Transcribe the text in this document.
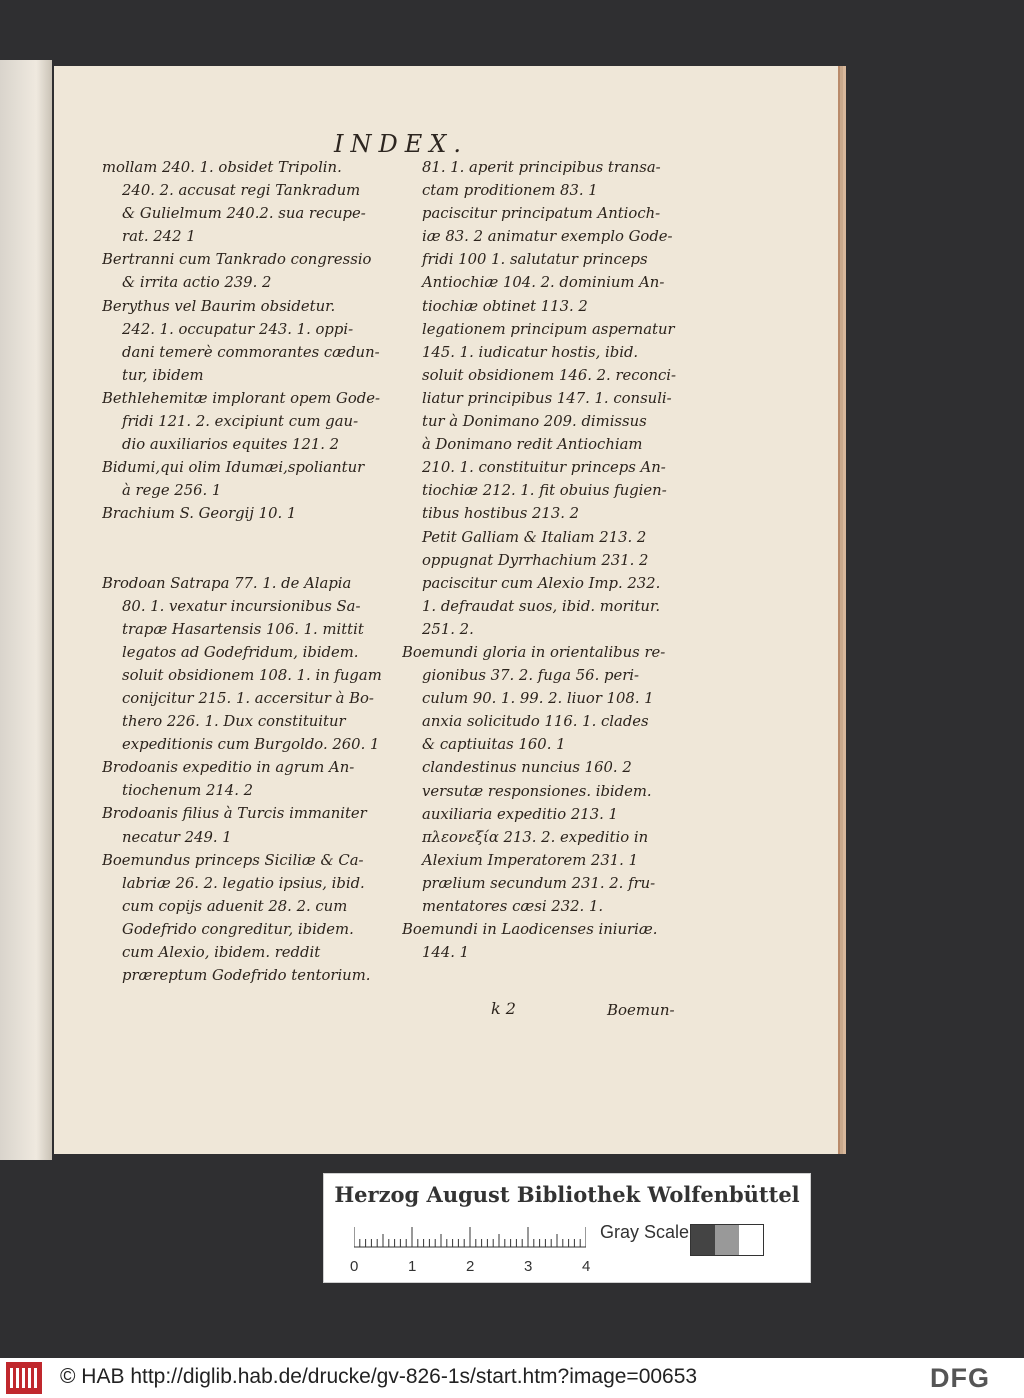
INDEX.
mollam 240. 1. obsidet Tripolin.
240. 2. accusat regi Tankradum
& Gulielmum 240.2. sua recupe-
rat. 242 1
Bertranni cum Tankrado congressio
& irrita actio 239. 2
Berythus vel Baurim obsidetur.
242. 1. occupatur 243. 1. oppi-
dani temerè commorantes cædun-
tur, ibidem
Bethlehemitæ implorant opem Gode-
fridi 121. 2. excipiunt cum gau-
dio auxiliarios equites 121. 2
Bidumi,qui olim Idumæi,spoliantur
à rege 256. 1
Brachium S. Georgij 10. 1
Brodoan Satrapa 77. 1. de Alapia
80. 1. vexatur incursionibus Sa-
trapæ Hasartensis 106. 1. mittit
legatos ad Godefridum, ibidem.
soluit obsidionem 108. 1. in fugam
conijcitur 215. 1. accersitur à Bo-
thero 226. 1. Dux constituitur
expeditionis cum Burgoldo. 260. 1
Brodoanis expeditio in agrum An-
tiochenum 214. 2
Brodoanis filius à Turcis immaniter
necatur 249. 1
Boemundus princeps Siciliæ & Ca-
labriæ 26. 2. legatio ipsius, ibid.
cum copijs aduenit 28. 2. cum
Godefrido congreditur, ibidem.
cum Alexio, ibidem. reddit
præreptum Godefrido tentorium.
81. 1. aperit principibus transa-
ctam proditionem 83. 1
paciscitur principatum Antioch-
iæ 83. 2 animatur exemplo Gode-
fridi 100 1. salutatur princeps
Antiochiæ 104. 2. dominium An-
tiochiæ obtinet 113. 2
legationem principum aspernatur
145. 1. iudicatur hostis, ibid.
soluit obsidionem 146. 2. reconci-
liatur principibus 147. 1. consuli-
tur à Donimano 209. dimissus
à Donimano redit Antiochiam
210. 1. constituitur princeps An-
tiochiæ 212. 1. fit obuius fugien-
tibus hostibus 213. 2
Petit Galliam & Italiam 213. 2
oppugnat Dyrrhachium 231. 2
paciscitur cum Alexio Imp. 232.
1. defraudat suos, ibid. moritur.
251. 2.
Boemundi gloria in orientalibus re-
gionibus 37. 2. fuga 56. peri-
culum 90. 1. 99. 2. liuor 108. 1
anxia solicitudo 116. 1. clades
& captiuitas 160. 1
clandestinus nuncius 160. 2
versutæ responsiones. ibidem.
auxiliaria expeditio 213. 1
πλεονεξία 213. 2. expeditio in
Alexium Imperatorem 231. 1
prælium secundum 231. 2. fru-
mentatores cæsi 232. 1.
Boemundi in Laodicenses iniuriæ.
144. 1
k 2	Boemun-
Herzog August Bibliothek Wolfenbüttel
0	1	2	3	4
Gray Scale
© HAB http://diglib.hab.de/drucke/gv-826-1s/start.htm?image=00653	DFG
